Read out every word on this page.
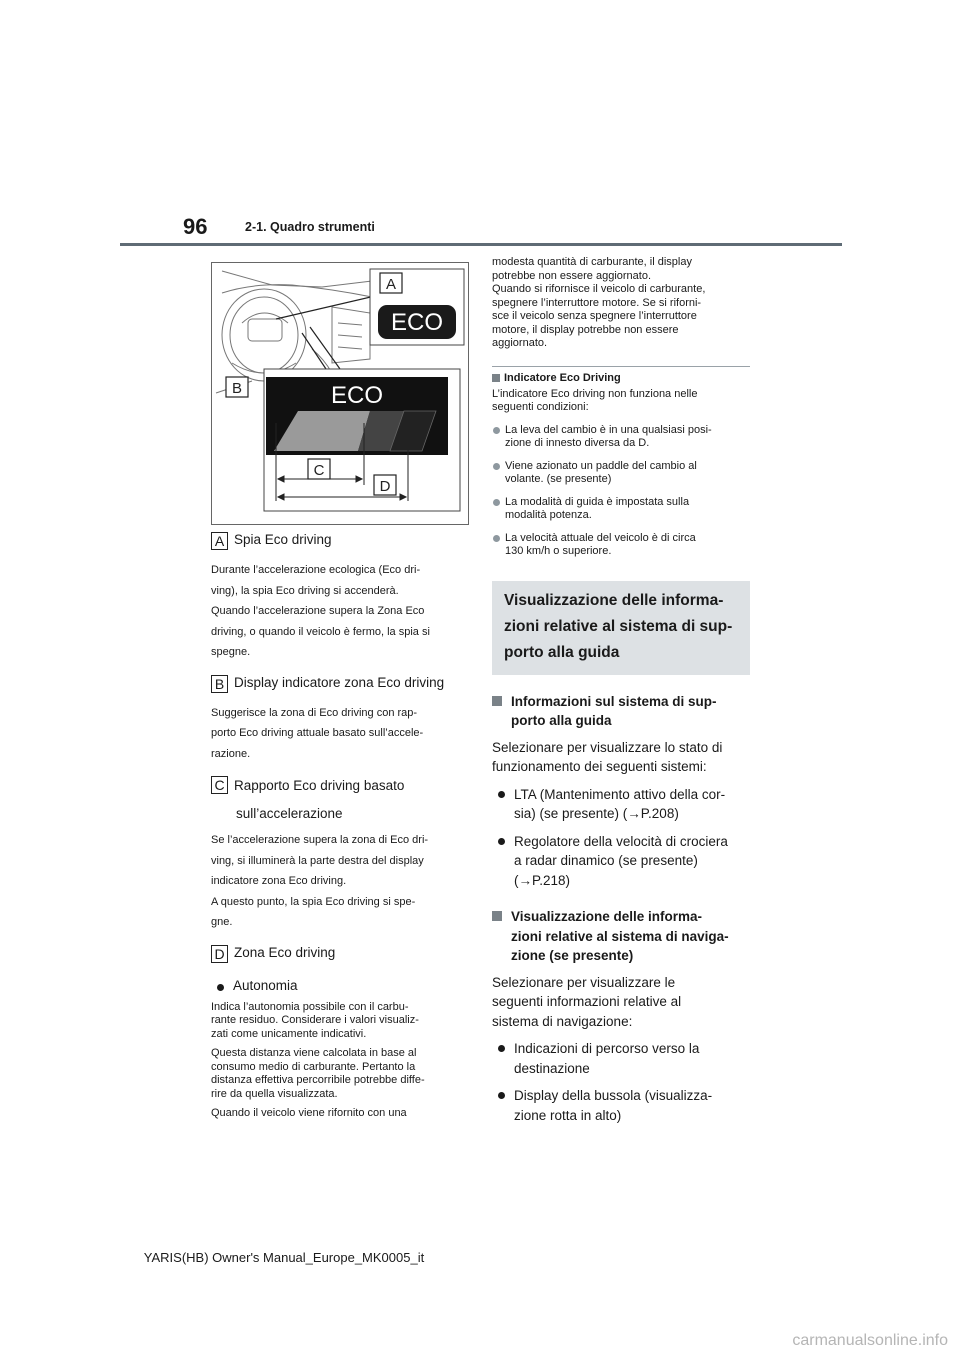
96	2-1. Quadro strumenti
A
ECO
B	ECO
C
D
A Spia Eco driving

Durante l’accelerazione ecologica (Eco dri-

ving), la spia Eco driving si accenderà.

Quando l’accelerazione supera la Zona Eco

driving, o quando il veicolo è fermo, la spia si

spegne.

B Display indicatore zona Eco driving

Suggerisce la zona di Eco driving con rap-

porto Eco driving attuale basato sull’accele-

razione.

C Rapporto Eco driving basato
sull’accelerazione

Se l’accelerazione supera la zona di Eco dri-

ving, si illuminerà la parte destra del display

indicatore zona Eco driving.

A questo punto, la spia Eco driving si spe-

gne.

D Zona Eco driving
Autonomia

Indica l’autonomia possibile con il carbu-
rante residuo. Considerare i valori visualiz-
zati come unicamente indicativi.

Questa distanza viene calcolata in base al
consumo medio di carburante. Pertanto la
distanza effettiva percorribile potrebbe diffe-
rire da quella visualizzata.

Quando il veicolo viene rifornito con una

modesta quantità di carburante, il display

potrebbe non essere aggiornato.

Quando si rifornisce il veicolo di carburante,

spegnere l’interruttore motore. Se si riforni-

sce il veicolo senza spegnere l’interruttore

motore, il display potrebbe non essere

aggiornato.

Indicatore Eco Driving
L’indicatore Eco driving non funziona nelle
seguenti condizioni:
La leva del cambio è in una qualsiasi posi-
zione di innesto diversa da D.
Viene azionato un paddle del cambio al
volante. (se presente)
La modalità di guida è impostata sulla
modalità potenza.
La velocità attuale del veicolo è di circa
130 km/h o superiore.
Visualizzazione delle informa-
zioni relative al sistema di sup-
porto alla guida
Informazioni sul sistema di sup-
porto alla guida
Selezionare per visualizzare lo stato di
funzionamento dei seguenti sistemi:
LTA (Mantenimento attivo della cor-
sia) (se presente) (→P.208)
Regolatore della velocità di crociera
a radar dinamico (se presente)
(→P.218)
Visualizzazione delle informa-
zioni relative al sistema di naviga-
zione (se presente)
Selezionare per visualizzare le
seguenti informazioni relative al
sistema di navigazione:
Indicazioni di percorso verso la
destinazione
Display della bussola (visualizza-
zione rotta in alto)
YARIS(HB) Owner's Manual_Europe_MK0005_it
carmanualsonline.info
